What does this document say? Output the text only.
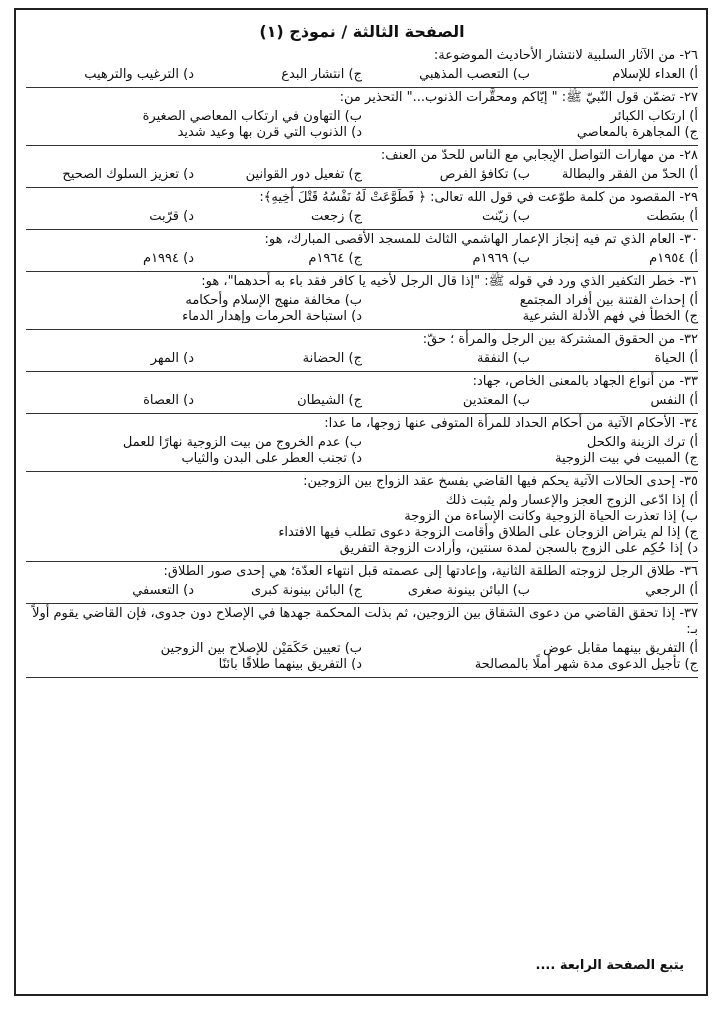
الصفحة الثالثة / نموذج (١)
٢٦- من الآثار السلبية لانتشار الأحاديث الموضوعة:
أ) العداء للإسلام
ب) التعصب المذهبي
ج) انتشار البدع
د) الترغيب والترهيب
٢٧- تضمّن قول النّبيّ ﷺ: " إيّاكم ومحقَّرات الذنوب..." التحذير من:
أ) ارتكاب الكبائر
ب) التهاون في ارتكاب المعاصي الصغيرة
ج) المجاهرة بالمعاصي
د) الذنوب التي قرن بها وعيد شديد
٢٨- من مهارات التواصل الإيجابي مع الناس للحدّ من العنف:
أ) الحدّ من الفقر والبطالة
ب) تكافؤ الفرص
ج) تفعيل دور القوانين
د) تعزيز السلوك الصحيح
٢٩- المقصود من كلمة طوّعت في قول الله تعالى: ﴿ فَطَوَّعَتْ لَهُ نَفْسُهُ قَتْلَ أَخِيهِ﴾:
أ) بسَطت
ب) زيّنت
ج) زجعت
د) قرّبت
٣٠- العام الذي تم فيه إنجاز الإعمار الهاشمي الثالث للمسجد الأقصى المبارك، هو:
أ) ١٩٥٤م
ب) ١٩٦٩م
ج) ١٩٦٤م
د) ١٩٩٤م
٣١- خطر التكفير الذي ورد في قوله ﷺ: "إذا قال الرجل لأخيه يا كافر فقد باء به أحدهما"، هو:
أ) إحداث الفتنة بين أفراد المجتمع
ب) مخالفة منهج الإسلام وأحكامه
ج) الخطأ في فهم الأدلة الشرعية
د) استباحة الحرمات وإهدار الدماء
٣٢- من الحقوق المشتركة بين الرجل والمرأة ؛ حقّ:
أ) الحياة
ب) النفقة
ج) الحضانة
د) المهر
٣٣- من أنواع الجهاد بالمعنى الخاص، جهاد:
أ) النفس
ب) المعتدين
ج) الشيطان
د) العصاة
٣٤- الأحكام الآتية من أحكام الحداد للمرأة المتوفى عنها زوجها، ما عدا:
أ) ترك الزينة والكحل
ب) عدم الخروج من بيت الزوجية نهارًا للعمل
ج) المبيت في بيت الزوجية
د) تجنب العطر على البدن والثياب
٣٥- إحدى الحالات الآتية يحكم فيها القاضي بفسخ عقد الزواج بين الزوجين:
أ) إذا ادّعى الزوج العجز والإعسار ولم يثبت ذلك
ب) إذا تعذرت الحياة الزوجية وكانت الإساءة من الزوجة
ج) إذا لم يتراض الزوجان على الطلاق وأقامت الزوجة دعوى تطلب فيها الافتداء
د) إذا حُكِم على الزوج بالسجن لمدة سنتين، وأرادت الزوجة التفريق
٣٦- طلاق الرجل لزوجته الطلقة الثانية، وإعادتها إلى عصمته قبل انتهاء العدّة؛ هي إحدى صور الطلاق:
أ) الرجعي
ب) البائن بينونة صغرى
ج) البائن بينونة كبرى
د) التعسفي
٣٧- إذا تحقق القاضي من دعوى الشقاق بين الزوجين، ثم بذلت المحكمة جهدها في الإصلاح دون جدوى، فإن القاضي يقوم أولاً بـ:
أ) التفريق بينهما مقابل عوض
ب) تعيين حَكَمَيْن للإصلاح بين الزوجين
ج) تأجيل الدعوى مدة شهر أملًا بالمصالحة
د) التفريق بينهما طلاقًا بائنًا
يتبع الصفحة الرابعة ....
